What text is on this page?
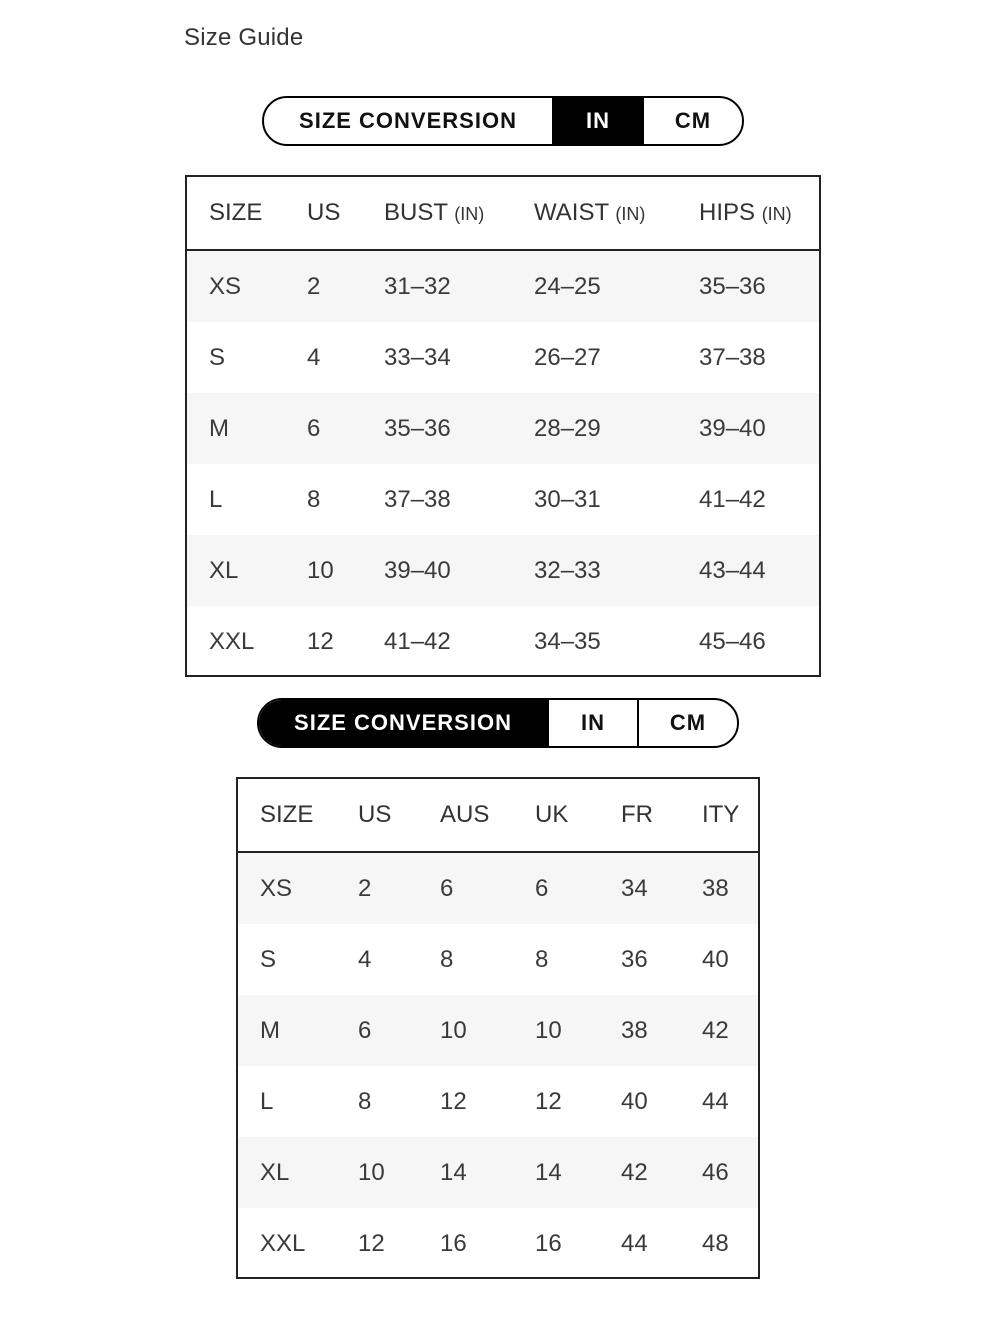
Size Guide
SIZE CONVERSION	IN	CM
SIZE	US	BUST (IN)	WAIST (IN)	HIPS (IN)
XS	2	31–32	24–25	35–36
S	4	33–34	26–27	37–38
M	6	35–36	28–29	39–40
L	8	37–38	30–31	41–42
XL	10	39–40	32–33	43–44
XXL	12	41–42	34–35	45–46
SIZE CONVERSION	IN	CM
SIZE	US	AUS	UK	FR	ITY
XS	2	6	6	34	38
S	4	8	8	36	40
M	6	10	10	38	42
L	8	12	12	40	44
XL	10	14	14	42	46
XXL	12	16	16	44	48
